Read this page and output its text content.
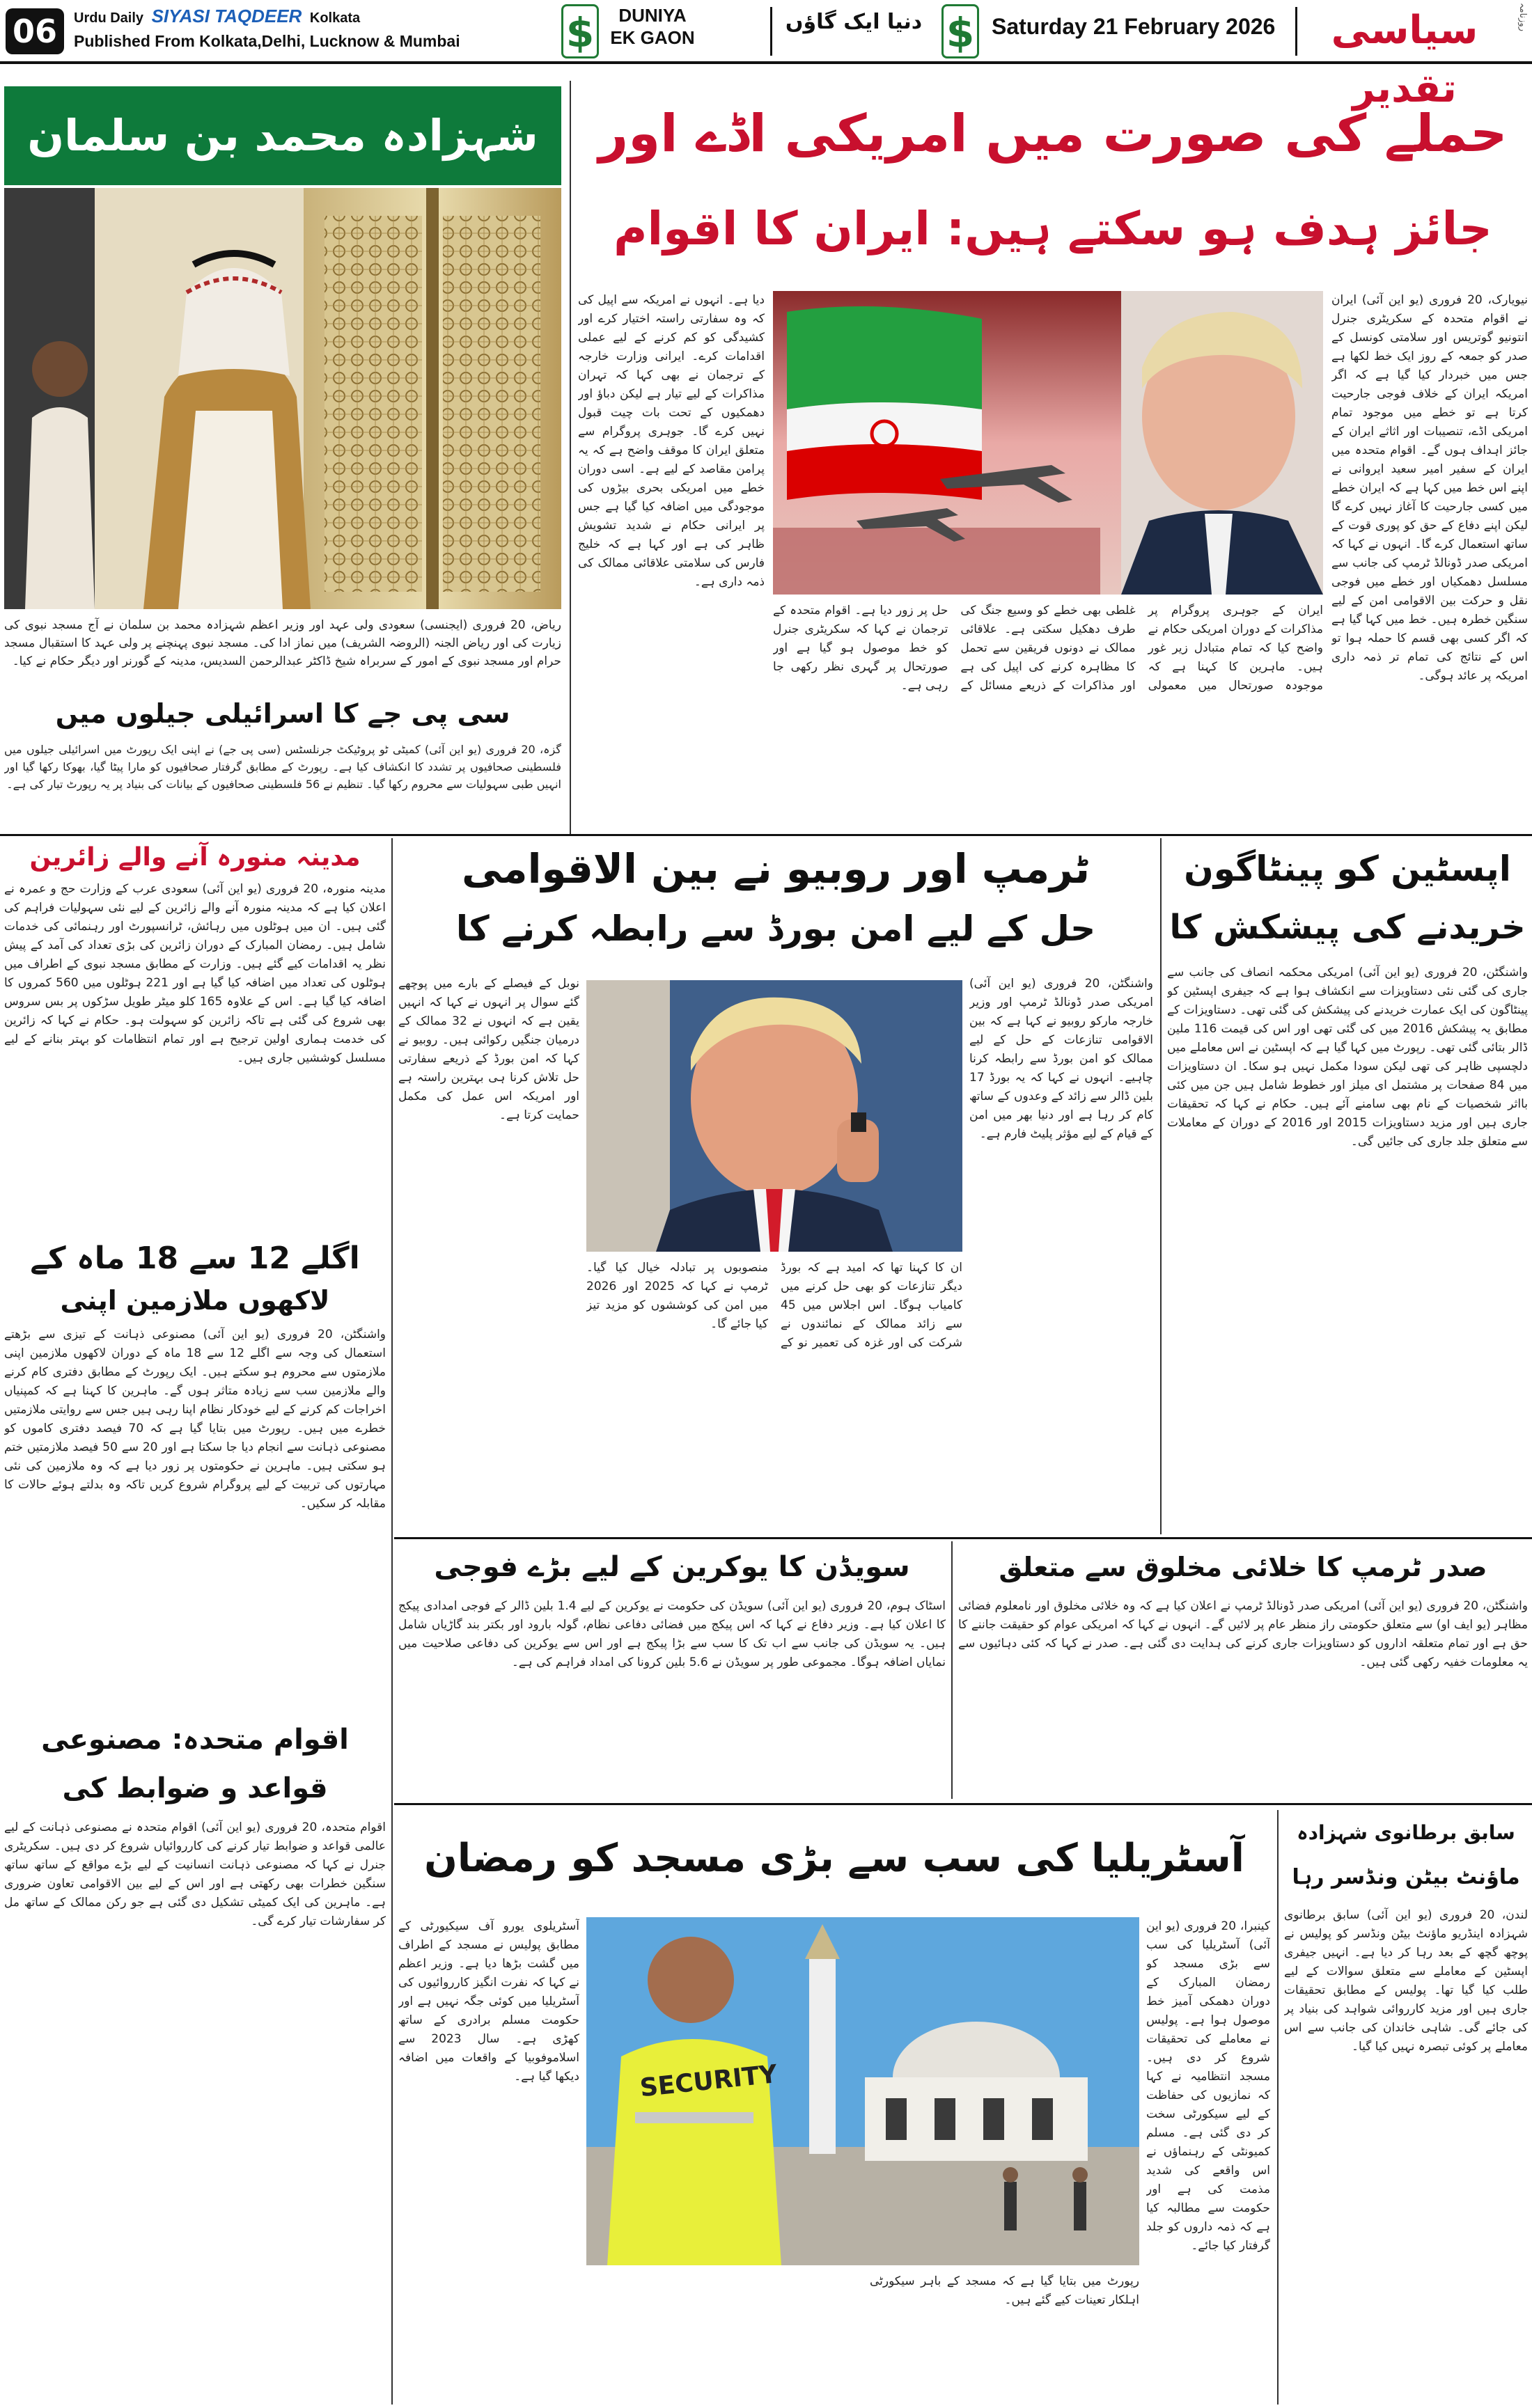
06	Urdu Daily SIYASI TAQDEER Kolkata
Published From Kolkata,Delhi, Lucknow & Mumbai	$	DUNIYA
EK GAON
دنیا ایک گاؤں $ Saturday 21 February 2026	سیاسی تقدیر
روزنامہ
شہزادہ محمد بن سلمان
ریاض، 20 فروری (ایجنسی) سعودی ولی عہد اور وزیر اعظم شہزادہ محمد بن سلمان نے آج مسجد نبوی کی زیارت کی اور ریاض الجنہ (الروضہ الشریف) میں نماز ادا کی۔ مسجد نبوی پہنچنے پر ولی عہد کا استقبال مسجد حرام اور مسجد نبوی کے امور کے سربراہ شیخ ڈاکٹر عبدالرحمن السدیس، مدینہ کے گورنر اور دیگر حکام نے کیا۔
سی پی جے کا اسرائیلی جیلوں میں
گزہ، 20 فروری (یو این آئی) کمیٹی ٹو پروٹیکٹ جرنلسٹس (سی پی جے) نے اپنی ایک رپورٹ میں اسرائیلی جیلوں میں فلسطینی صحافیوں پر تشدد کا انکشاف کیا ہے۔ رپورٹ کے مطابق گرفتار صحافیوں کو مارا پیٹا گیا، بھوکا رکھا گیا اور انہیں طبی سہولیات سے محروم رکھا گیا۔ تنظیم نے 56 فلسطینی صحافیوں کے بیانات کی بنیاد پر یہ رپورٹ تیار کی ہے۔
حملے کی صورت میں امریکی اڈے اور
جائز ہدف ہو سکتے ہیں: ایران کا اقوام
نیویارک، 20 فروری (یو این آئی) ایران نے اقوام متحدہ کے سکریٹری جنرل انتونیو گوتریس اور سلامتی کونسل کے صدر کو جمعہ کے روز ایک خط لکھا ہے جس میں خبردار کیا گیا ہے کہ اگر امریکہ ایران کے خلاف فوجی جارحیت کرتا ہے تو خطے میں موجود تمام امریکی اڈے، تنصیبات اور اثاثے ایران کے جائز اہداف ہوں گے۔ اقوام متحدہ میں ایران کے سفیر امیر سعید ایروانی نے اپنے اس خط میں کہا ہے کہ ایران خطے میں کسی جارحیت کا آغاز نہیں کرے گا لیکن اپنے دفاع کے حق کو پوری قوت کے ساتھ استعمال کرے گا۔ انہوں نے کہا کہ امریکی صدر ڈونالڈ ٹرمپ کی جانب سے مسلسل دھمکیاں اور خطے میں فوجی نقل و حرکت بین الاقوامی امن کے لیے سنگین خطرہ ہیں۔ خط میں کہا گیا ہے کہ اگر کسی بھی قسم کا حملہ ہوا تو اس کے نتائج کی تمام تر ذمہ داری امریکہ پر عائد ہوگی۔
دیا ہے۔ انہوں نے امریکہ سے اپیل کی کہ وہ سفارتی راستہ اختیار کرے اور کشیدگی کو کم کرنے کے لیے عملی اقدامات کرے۔ ایرانی وزارت خارجہ کے ترجمان نے بھی کہا کہ تہران مذاکرات کے لیے تیار ہے لیکن دباؤ اور دھمکیوں کے تحت بات چیت قبول نہیں کرے گا۔ جوہری پروگرام سے متعلق ایران کا موقف واضح ہے کہ یہ پرامن مقاصد کے لیے ہے۔ اسی دوران خطے میں امریکی بحری بیڑوں کی موجودگی میں اضافہ کیا گیا ہے جس پر ایرانی حکام نے شدید تشویش ظاہر کی ہے اور کہا ہے کہ خلیج فارس کی سلامتی علاقائی ممالک کی ذمہ داری ہے۔
ایران کے جوہری پروگرام پر مذاکرات کے دوران امریکی حکام نے واضح کیا کہ تمام متبادل زیر غور ہیں۔ ماہرین کا کہنا ہے کہ موجودہ صورتحال میں معمولی غلطی بھی خطے کو وسیع جنگ کی طرف دھکیل سکتی ہے۔ علاقائی ممالک نے دونوں فریقین سے تحمل کا مظاہرہ کرنے کی اپیل کی ہے اور مذاکرات کے ذریعے مسائل کے حل پر زور دیا ہے۔ اقوام متحدہ کے ترجمان نے کہا کہ سکریٹری جنرل کو خط موصول ہو گیا ہے اور صورتحال پر گہری نظر رکھی جا رہی ہے۔
مدینہ منورہ آنے والے زائرین
مدینہ منورہ، 20 فروری (یو این آئی) سعودی عرب کے وزارت حج و عمرہ نے اعلان کیا ہے کہ مدینہ منورہ آنے والے زائرین کے لیے نئی سہولیات فراہم کی گئی ہیں۔ ان میں ہوٹلوں میں رہائش، ٹرانسپورٹ اور رہنمائی کی خدمات شامل ہیں۔ رمضان المبارک کے دوران زائرین کی بڑی تعداد کی آمد کے پیش نظر یہ اقدامات کیے گئے ہیں۔ وزارت کے مطابق مسجد نبوی کے اطراف میں ہوٹلوں کی تعداد میں اضافہ کیا گیا ہے اور 221 ہوٹلوں میں 560 کمروں کا اضافہ کیا گیا ہے۔ اس کے علاوہ 165 کلو میٹر طویل سڑکوں پر بس سروس بھی شروع کی گئی ہے تاکہ زائرین کو سہولت ہو۔ حکام نے کہا کہ زائرین کی خدمت ہماری اولین ترجیح ہے اور تمام انتظامات کو بہتر بنانے کے لیے مسلسل کوششیں جاری ہیں۔
اگلے 12 سے 18 ماہ کے
لاکھوں ملازمین اپنی
واشنگٹن، 20 فروری (یو این آئی) مصنوعی ذہانت کے تیزی سے بڑھتے استعمال کی وجہ سے اگلے 12 سے 18 ماہ کے دوران لاکھوں ملازمین اپنی ملازمتوں سے محروم ہو سکتے ہیں۔ ایک رپورٹ کے مطابق دفتری کام کرنے والے ملازمین سب سے زیادہ متاثر ہوں گے۔ ماہرین کا کہنا ہے کہ کمپنیاں اخراجات کم کرنے کے لیے خودکار نظام اپنا رہی ہیں جس سے روایتی ملازمتیں خطرے میں ہیں۔ رپورٹ میں بتایا گیا ہے کہ 70 فیصد دفتری کاموں کو مصنوعی ذہانت سے انجام دیا جا سکتا ہے اور 20 سے 50 فیصد ملازمتیں ختم ہو سکتی ہیں۔ ماہرین نے حکومتوں پر زور دیا ہے کہ وہ ملازمین کی نئی مہارتوں کی تربیت کے لیے پروگرام شروع کریں تاکہ وہ بدلتے ہوئے حالات کا مقابلہ کر سکیں۔
اقوام متحدہ: مصنوعی
قواعد و ضوابط کی
اقوام متحدہ، 20 فروری (یو این آئی) اقوام متحدہ نے مصنوعی ذہانت کے لیے عالمی قواعد و ضوابط تیار کرنے کی کارروائیاں شروع کر دی ہیں۔ سکریٹری جنرل نے کہا کہ مصنوعی ذہانت انسانیت کے لیے بڑے مواقع کے ساتھ ساتھ سنگین خطرات بھی رکھتی ہے اور اس کے لیے بین الاقوامی تعاون ضروری ہے۔ ماہرین کی ایک کمیٹی تشکیل دی گئی ہے جو رکن ممالک کے ساتھ مل کر سفارشات تیار کرے گی۔
ٹرمپ اور روبیو نے بین الاقوامی
حل کے لیے امن بورڈ سے رابطہ کرنے کا
واشنگٹن، 20 فروری (یو این آئی) امریکی صدر ڈونالڈ ٹرمپ اور وزیر خارجہ مارکو روبیو نے کہا ہے کہ بین الاقوامی تنازعات کے حل کے لیے ممالک کو امن بورڈ سے رابطہ کرنا چاہیے۔ انہوں نے کہا کہ یہ بورڈ 17 بلین ڈالر سے زائد کے وعدوں کے ساتھ کام کر رہا ہے اور دنیا بھر میں امن کے قیام کے لیے مؤثر پلیٹ فارم ہے۔
ان کا کہنا تھا کہ امید ہے کہ بورڈ دیگر تنازعات کو بھی حل کرنے میں کامیاب ہوگا۔ اس اجلاس میں 45 سے زائد ممالک کے نمائندوں نے شرکت کی اور غزہ کی تعمیر نو کے منصوبوں پر تبادلہ خیال کیا گیا۔ ٹرمپ نے کہا کہ 2025 اور 2026 میں امن کی کوششوں کو مزید تیز کیا جائے گا۔
نوبل کے فیصلے کے بارے میں پوچھے گئے سوال پر انہوں نے کہا کہ انہیں یقین ہے کہ انہوں نے 32 ممالک کے درمیان جنگیں رکوائی ہیں۔ روبیو نے کہا کہ امن بورڈ کے ذریعے سفارتی حل تلاش کرنا ہی بہترین راستہ ہے اور امریکہ اس عمل کی مکمل حمایت کرتا ہے۔
اپسٹین کو پینٹاگون
خریدنے کی پیشکش کا
واشنگٹن، 20 فروری (یو این آئی) امریکی محکمہ انصاف کی جانب سے جاری کی گئی نئی دستاویزات سے انکشاف ہوا ہے کہ جیفری اپسٹین کو پینٹاگون کی ایک عمارت خریدنے کی پیشکش کی گئی تھی۔ دستاویزات کے مطابق یہ پیشکش 2016 میں کی گئی تھی اور اس کی قیمت 116 ملین ڈالر بتائی گئی تھی۔ رپورٹ میں کہا گیا ہے کہ اپسٹین نے اس معاملے میں دلچسپی ظاہر کی تھی لیکن سودا مکمل نہیں ہو سکا۔ ان دستاویزات میں 84 صفحات پر مشتمل ای میلز اور خطوط شامل ہیں جن میں کئی بااثر شخصیات کے نام بھی سامنے آئے ہیں۔ حکام نے کہا کہ تحقیقات جاری ہیں اور مزید دستاویزات 2015 اور 2016 کے دوران کے معاملات سے متعلق جلد جاری کی جائیں گی۔
صدر ٹرمپ کا خلائی مخلوق سے متعلق
واشنگٹن، 20 فروری (یو این آئی) امریکی صدر ڈونالڈ ٹرمپ نے اعلان کیا ہے کہ وہ خلائی مخلوق اور نامعلوم فضائی مظاہر (یو ایف او) سے متعلق حکومتی راز منظر عام پر لائیں گے۔ انہوں نے کہا کہ امریکی عوام کو حقیقت جاننے کا حق ہے اور تمام متعلقہ اداروں کو دستاویزات جاری کرنے کی ہدایت دی گئی ہے۔ صدر نے کہا کہ کئی دہائیوں سے یہ معلومات خفیہ رکھی گئی ہیں۔
سویڈن کا یوکرین کے لیے بڑے فوجی
اسٹاک ہوم، 20 فروری (یو این آئی) سویڈن کی حکومت نے یوکرین کے لیے 1.4 بلین ڈالر کے فوجی امدادی پیکج کا اعلان کیا ہے۔ وزیر دفاع نے کہا کہ اس پیکج میں فضائی دفاعی نظام، گولہ بارود اور بکتر بند گاڑیاں شامل ہیں۔ یہ سویڈن کی جانب سے اب تک کا سب سے بڑا پیکج ہے اور اس سے یوکرین کی دفاعی صلاحیت میں نمایاں اضافہ ہوگا۔ مجموعی طور پر سویڈن نے 5.6 بلین کرونا کی امداد فراہم کی ہے۔
آسٹریلیا کی سب سے بڑی مسجد کو رمضان
کینبرا، 20 فروری (یو این آئی) آسٹریلیا کی سب سے بڑی مسجد کو رمضان المبارک کے دوران دھمکی آمیز خط موصول ہوا ہے۔ پولیس نے معاملے کی تحقیقات شروع کر دی ہیں۔ مسجد انتظامیہ نے کہا کہ نمازیوں کی حفاظت کے لیے سیکورٹی سخت کر دی گئی ہے۔ مسلم کمیونٹی کے رہنماؤں نے اس واقعے کی شدید مذمت کی ہے اور حکومت سے مطالبہ کیا ہے کہ ذمہ داروں کو جلد گرفتار کیا جائے۔
آسٹریلوی یورو آف سیکیورٹی کے مطابق پولیس نے مسجد کے اطراف میں گشت بڑھا دیا ہے۔ وزیر اعظم نے کہا کہ نفرت انگیز کارروائیوں کی آسٹریلیا میں کوئی جگہ نہیں ہے اور حکومت مسلم برادری کے ساتھ کھڑی ہے۔ سال 2023 سے اسلاموفوبیا کے واقعات میں اضافہ دیکھا گیا ہے۔ SECURITY
رپورٹ میں بتایا گیا ہے کہ مسجد کے باہر سیکورٹی اہلکار تعینات کیے گئے ہیں۔
سابق برطانوی شہزادہ
ماؤنٹ بیٹن ونڈسر رہا
لندن، 20 فروری (یو این آئی) سابق برطانوی شہزادہ اینڈریو ماؤنٹ بیٹن ونڈسر کو پولیس نے پوچھ گچھ کے بعد رہا کر دیا ہے۔ انہیں جیفری اپسٹین کے معاملے سے متعلق سوالات کے لیے طلب کیا گیا تھا۔ پولیس کے مطابق تحقیقات جاری ہیں اور مزید کارروائی شواہد کی بنیاد پر کی جائے گی۔ شاہی خاندان کی جانب سے اس معاملے پر کوئی تبصرہ نہیں کیا گیا۔
